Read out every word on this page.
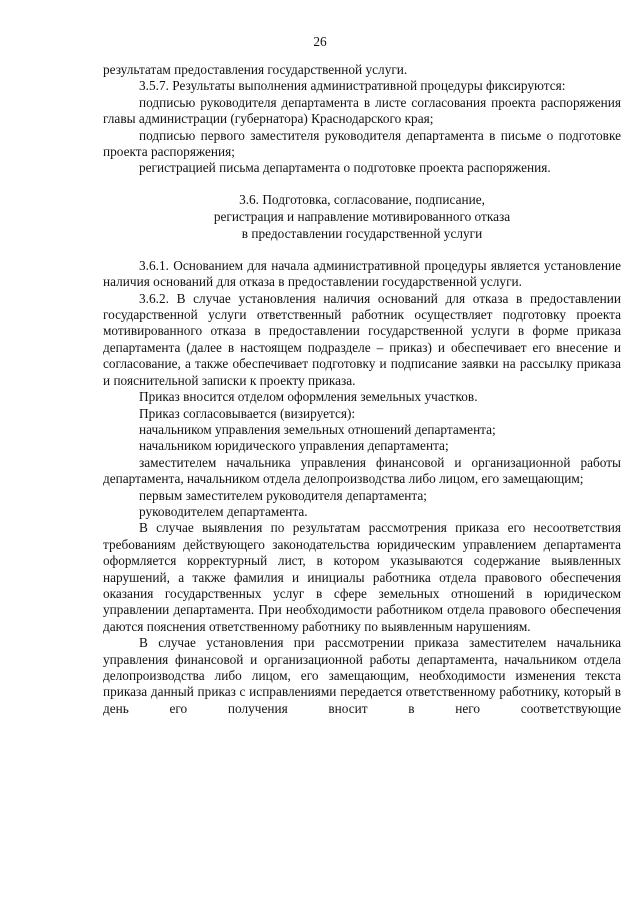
26

результатам предоставления государственной услуги.

3.5.7. Результаты выполнения административной процедуры фиксируются:

подписью руководителя департамента в листе согласования проекта распоряжения главы администрации (губернатора) Краснодарского края;

подписью первого заместителя руководителя департамента в письме о подготовке проекта распоряжения;

регистрацией письма департамента о подготовке проекта распоряжения.

3.6. Подготовка, согласование, подписание,
регистрация и направление мотивированного отказа
в предоставлении государственной услуги

3.6.1. Основанием для начала административной процедуры является установление наличия оснований для отказа в предоставлении государственной услуги.

3.6.2. В случае установления наличия оснований для отказа в предоставлении государственной услуги ответственный работник осуществляет подготовку проекта мотивированного отказа в предоставлении государственной услуги в форме приказа департамента (далее в настоящем подразделе – приказ) и обеспечивает его внесение и согласование, а также обеспечивает подготовку и подписание заявки на рассылку приказа и пояснительной записки к проекту приказа.

Приказ вносится отделом оформления земельных участков.

Приказ согласовывается (визируется):

начальником управления земельных отношений департамента;

начальником юридического управления департамента;

заместителем начальника управления финансовой и организационной работы департамента, начальником отдела делопроизводства либо лицом, его замещающим;

первым заместителем руководителя департамента;

руководителем департамента.

В случае выявления по результатам рассмотрения приказа его несоответствия требованиям действующего законодательства юридическим управлением департамента оформляется корректурный лист, в котором указываются содержание выявленных нарушений, а также фамилия и инициалы работника отдела правового обеспечения оказания государственных услуг в сфере земельных отношений в юридическом управлении департамента. При необходимости работником отдела правового обеспечения даются пояснения ответственному работнику по выявленным нарушениям.

В случае установления при рассмотрении приказа заместителем начальника управления финансовой и организационной работы департамента, начальником отдела делопроизводства либо лицом, его замещающим, необходимости изменения текста приказа данный приказ с исправлениями передается ответственному работнику, который в день его получения вносит в него соответствующие
